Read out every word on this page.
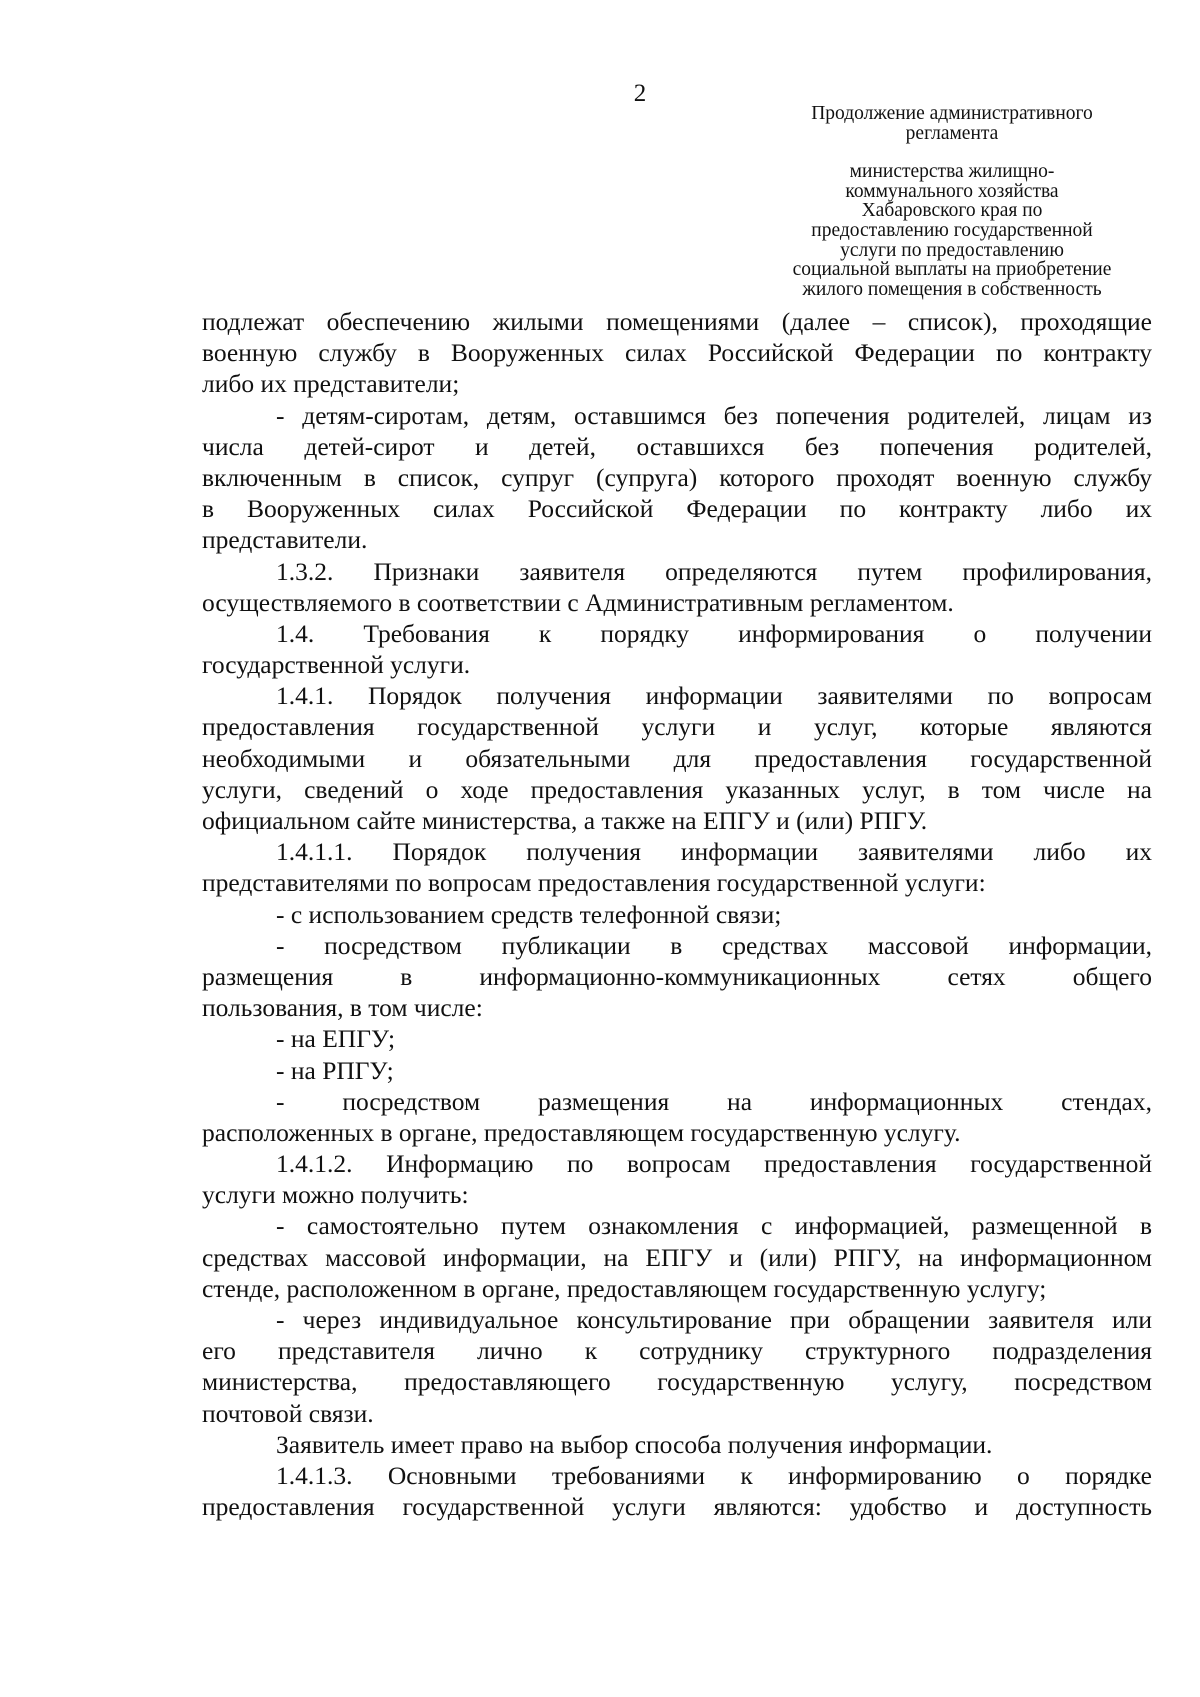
2
Продолжение административного
регламента
министерства жилищно-
коммунального хозяйства
Хабаровского края по
предоставлению государственной
услуги по предоставлению
социальной выплаты на приобретение
жилого помещения в собственность
подлежат обеспечению жилыми помещениями (далее – список), проходящие
военную службу в Вооруженных силах Российской Федерации по контракту
либо их представители;
- детям-сиротам, детям, оставшимся без попечения родителей, лицам из
числа детей-сирот и детей, оставшихся без попечения родителей,
включенным в список, супруг (супруга) которого проходят военную службу
в Вооруженных силах Российской Федерации по контракту либо их
представители.
1.3.2. Признаки заявителя определяются путем профилирования,
осуществляемого в соответствии с Административным регламентом.
1.4. Требования к порядку информирования о получении
государственной услуги.
1.4.1. Порядок получения информации заявителями по вопросам
предоставления государственной услуги и услуг, которые являются
необходимыми и обязательными для предоставления государственной
услуги, сведений о ходе предоставления указанных услуг, в том числе на
официальном сайте министерства, а также на ЕПГУ и (или) РПГУ.
1.4.1.1. Порядок получения информации заявителями либо их
представителями по вопросам предоставления государственной услуги:
- с использованием средств телефонной связи;
- посредством публикации в средствах массовой информации,
размещения в информационно-коммуникационных сетях общего
пользования, в том числе:
- на ЕПГУ;
- на РПГУ;
- посредством размещения на информационных стендах,
расположенных в органе, предоставляющем государственную услугу.
1.4.1.2. Информацию по вопросам предоставления государственной
услуги можно получить:
- самостоятельно путем ознакомления с информацией, размещенной в
средствах массовой информации, на ЕПГУ и (или) РПГУ, на информационном
стенде, расположенном в органе, предоставляющем государственную услугу;
- через индивидуальное консультирование при обращении заявителя или
его представителя лично к сотруднику структурного подразделения
министерства, предоставляющего государственную услугу, посредством
почтовой связи.
Заявитель имеет право на выбор способа получения информации.
1.4.1.3. Основными требованиями к информированию о порядке
предоставления государственной услуги являются: удобство и доступность
